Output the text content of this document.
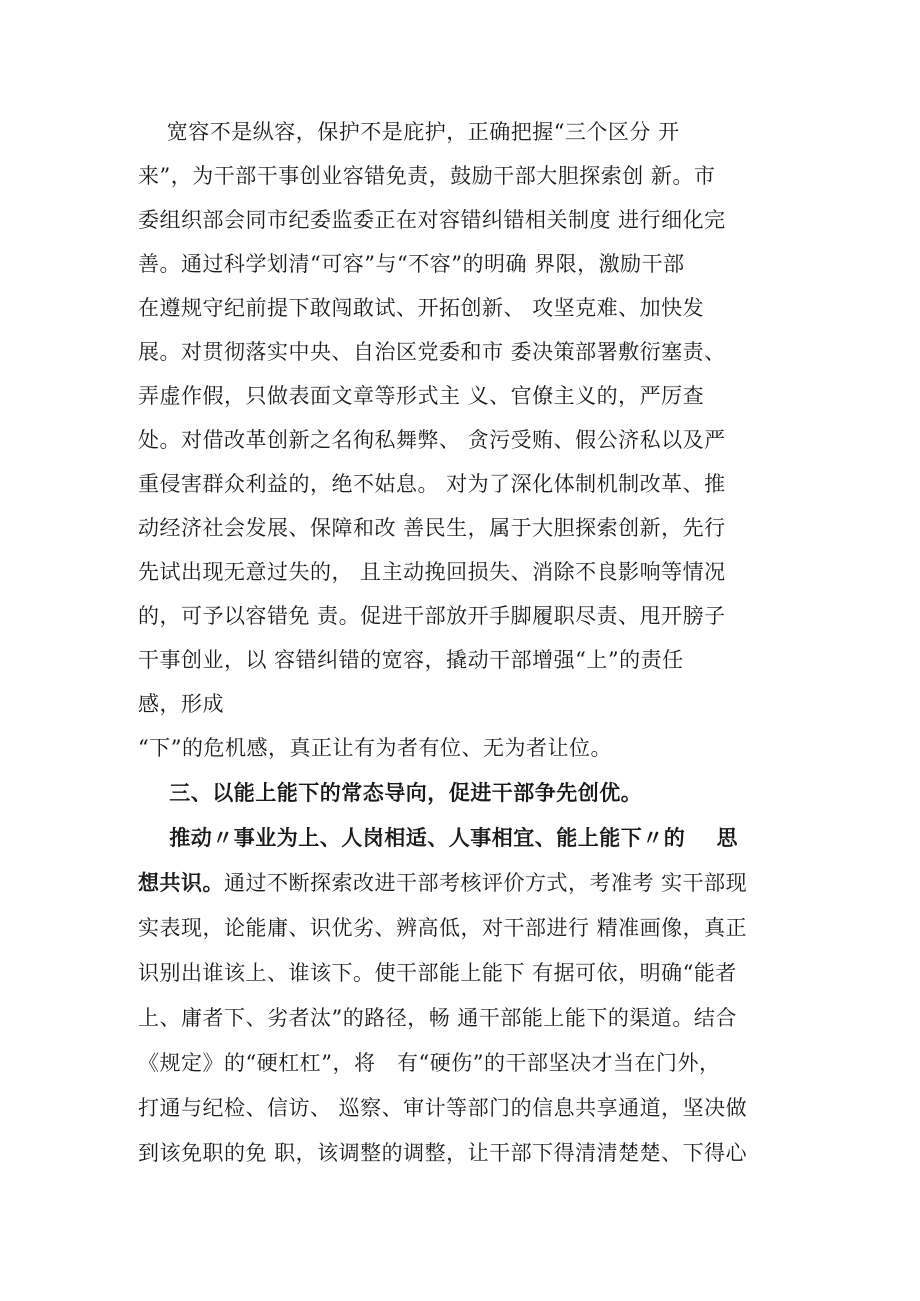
宽容不是纵容，保护不是庇护，正确把握“三个区分 开
来”，为干部干事创业容错免责，鼓励干部大胆探索创 新。市
委组织部会同市纪委监委正在对容错纠错相关制度 进行细化完
善。通过科学划清“可容”与“不容”的明确 界限，激励干部
在遵规守纪前提下敢闯敢试、开拓创新、 攻坚克难、加快发
展。对贯彻落实中央、自治区党委和市 委决策部署敷衍塞责、
弄虚作假，只做表面文章等形式主 义、官僚主义的，严厉查
处。对借改革创新之名徇私舞弊、 贪污受贿、假公济私以及严
重侵害群众利益的，绝不姑息。 对为了深化体制机制改革、推
动经济社会发展、保障和改 善民生，属于大胆探索创新，先行
先试出现无意过失的， 且主动挽回损失、消除不良影响等情况
的，可予以容错免 责。促进干部放开手脚履职尽责、甩开膀子
干事创业，以 容错纠错的宽容，撬动干部增强“上”的责任
感，形成
“下”的危机感，真正让有为者有位、无为者让位。
三、以能上能下的常态导向，促进干部争先创优。
推动〃事业为上、人岗相适、人事相宜、能上能下〃的    思
想共识。通过不断探索改进干部考核评价方式，考准考 实干部现
实表现，论能庸、识优劣、辨高低，对干部进行 精准画像，真正
识别出谁该上、谁该下。使干部能上能下 有据可依，明确“能者
上、庸者下、劣者汰”的路径，畅 通干部能上能下的渠道。结合
《规定》的“硬杠杠”，将   有“硬伤”的干部坚决才当在门外，
打通与纪检、信访、 巡察、审计等部门的信息共享通道，坚决做
到该免职的免 职，该调整的调整，让干部下得清清楚楚、下得心
